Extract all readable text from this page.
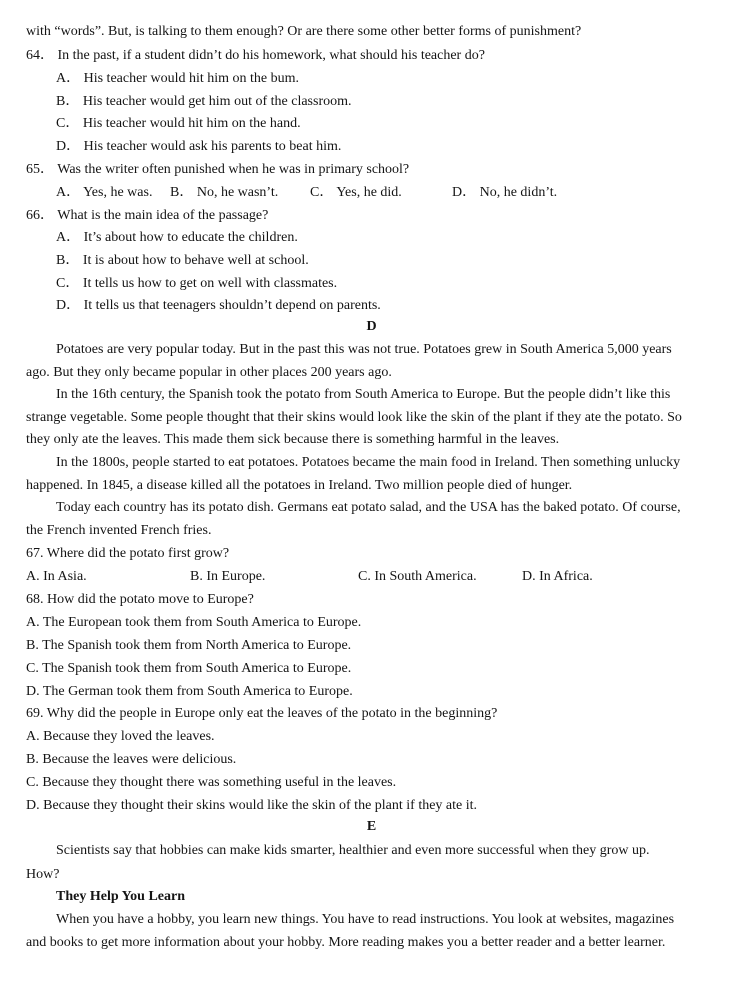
with “words”. But, is talking to them enough? Or are there some other better forms of punishment?
64． In the past, if a student didn’t do his homework, what should his teacher do?
A． His teacher would hit him on the bum.
B． His teacher would get him out of the classroom.
C． His teacher would hit him on the hand.
D． His teacher would ask his parents to beat him.
65． Was the writer often punished when he was in primary school?
A． Yes, he was. B． No, he wasn’t. C． Yes, he did.	D． No, he didn’t.
66． What is the main idea of the passage?
A． It’s about how to educate the children.
B． It is about how to behave well at school.
C． It tells us how to get on well with classmates.
D． It tells us that teenagers shouldn’t depend on parents.
D
Potatoes are very popular today. But in the past this was not true. Potatoes grew in South America 5,000 years
ago. But they only became popular in other places 200 years ago.
In the 16th century, the Spanish took the potato from South America to Europe. But the people didn’t like this
strange vegetable. Some people thought that their skins would look like the skin of the plant if they ate the potato. So
they only ate the leaves. This made them sick because there is something harmful in the leaves.
In the 1800s, people started to eat potatoes. Potatoes became the main food in Ireland. Then something unlucky
happened. In 1845, a disease killed all the potatoes in Ireland. Two million people died of hunger.
Today each country has its potato dish. Germans eat potato salad, and the USA has the baked potato. Of course,
the French invented French fries.
67. Where did the potato first grow?
A. In Asia.	B. In Europe.	C. In South America.	D. In Africa.
68. How did the potato move to Europe?
A. The European took them from South America to Europe.
B. The Spanish took them from North America to Europe.
C. The Spanish took them from South America to Europe.
D. The German took them from South America to Europe.
69. Why did the people in Europe only eat the leaves of the potato in the beginning?
A. Because they loved the leaves.
B. Because the leaves were delicious.
C. Because they thought there was something useful in the leaves.
D. Because they thought their skins would like the skin of the plant if they ate it.
E
Scientists say that hobbies can make kids smarter, healthier and even more successful when they grow up.
How?
They Help You Learn
When you have a hobby, you learn new things. You have to read instructions. You look at websites, magazines
and books to get more information about your hobby. More reading makes you a better reader and a better learner.
